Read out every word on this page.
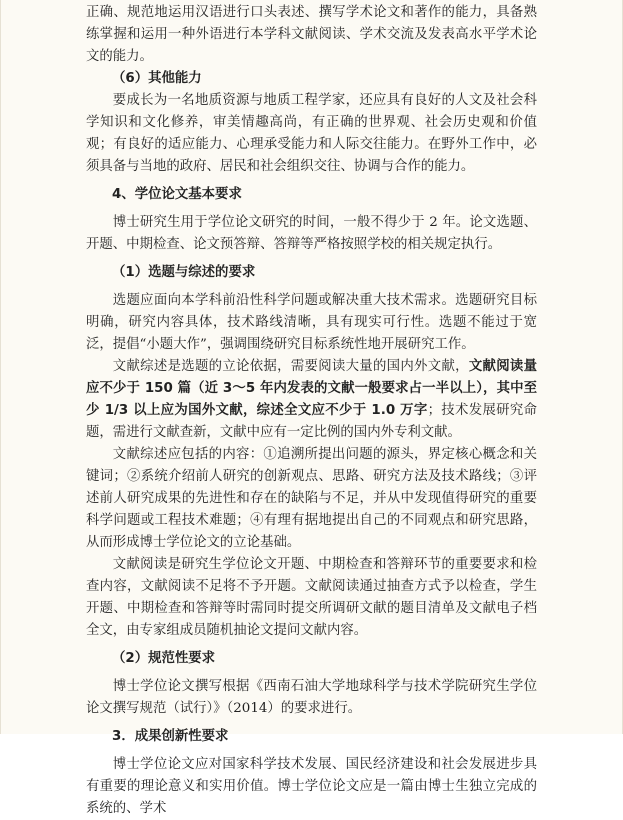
正确、规范地运用汉语进行口头表述、撰写学术论文和著作的能力，具备熟练掌握和运用一种外语进行本学科文献阅读、学术交流及发表高水平学术论文的能力。

（6）其他能力

要成长为一名地质资源与地质工程学家，还应具有良好的人文及社会科学知识和文化修养，审美情趣高尚，有正确的世界观、社会历史观和价值观；有良好的适应能力、心理承受能力和人际交往能力。在野外工作中，必须具备与当地的政府、居民和社会组织交往、协调与合作的能力。

4、学位论文基本要求

博士研究生用于学位论文研究的时间，一般不得少于 2 年。论文选题、开题、中期检查、论文预答辩、答辩等严格按照学校的相关规定执行。

（1）选题与综述的要求

选题应面向本学科前沿性科学问题或解决重大技术需求。选题研究目标明确，研究内容具体，技术路线清晰，具有现实可行性。选题不能过于宽泛，提倡“小题大作”，强调围绕研究目标系统性地开展研究工作。

文献综述是选题的立论依据，需要阅读大量的国内外文献，文献阅读量应不少于 150 篇（近 3～5 年内发表的文献一般要求占一半以上），其中至少 1/3 以上应为国外文献，综述全文应不少于 1.0 万字；技术发展研究命题，需进行文献查新，文献中应有一定比例的国内外专利文献。

文献综述应包括的内容：①追溯所提出问题的源头，界定核心概念和关键词；②系统介绍前人研究的创新观点、思路、研究方法及技术路线；③评述前人研究成果的先进性和存在的缺陷与不足，并从中发现值得研究的重要科学问题或工程技术难题；④有理有据地提出自己的不同观点和研究思路，从而形成博士学位论文的立论基础。

文献阅读是研究生学位论文开题、中期检查和答辩环节的重要要求和检查内容，文献阅读不足将不予开题。文献阅读通过抽查方式予以检查，学生开题、中期检查和答辩等时需同时提交所调研文献的题目清单及文献电子档全文，由专家组成员随机抽论文提问文献内容。

（2）规范性要求

博士学位论文撰写根据《西南石油大学地球科学与技术学院研究生学位论文撰写规范（试行）》（2014）的要求进行。

3．成果创新性要求

博士学位论文应对国家科学技术发展、国民经济建设和社会发展进步具有重要的理论意义和实用价值。博士学位论文应是一篇由博士生独立完成的系统的、学术
